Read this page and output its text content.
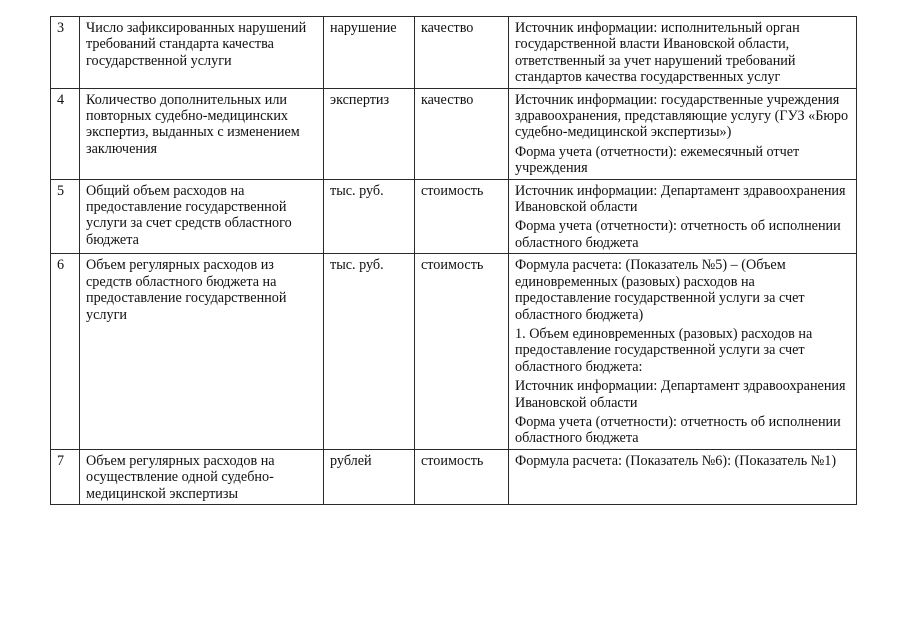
3	Число зафиксированных нарушений требований стандарта качества государственной услуги	нарушение	качество	Источник информации: исполнительный орган государственной власти Ивановской области, ответственный за учет нарушений требований стандартов качества государственных услуг

4	Количество дополнительных или повторных судебно-медицинских экспертиз, выданных с изменением заключения	экспертиз	качество	Источник информации: государственные учреждения здравоохранения, представляющие услугу (ГУЗ «Бюро судебно-медицинской экспертизы»)
Форма учета (отчетности): ежемесячный отчет учреждения

5	Общий объем расходов на предоставление государственной услуги за счет средств областного бюджета	тыс. руб.	стоимость	Источник информации: Департамент здравоохранения Ивановской области
Форма учета (отчетности): отчетность об исполнении областного бюджета

6	Объем регулярных расходов из средств областного бюджета на предоставление государственной услуги	тыс. руб.	стоимость	Формула расчета: (Показатель №5) – (Объем единовременных (разовых) расходов на предоставление государственной услуги за счет областного бюджета)
1. Объем единовременных (разовых) расходов на предоставление государственной услуги за счет областного бюджета:
Источник информации: Департамент здравоохранения Ивановской области
Форма учета (отчетности): отчетность об исполнении областного бюджета

7	Объем регулярных расходов на осуществление одной судебно-медицинской экспертизы	рублей	стоимость	Формула расчета: (Показатель №6): (Показатель №1)
